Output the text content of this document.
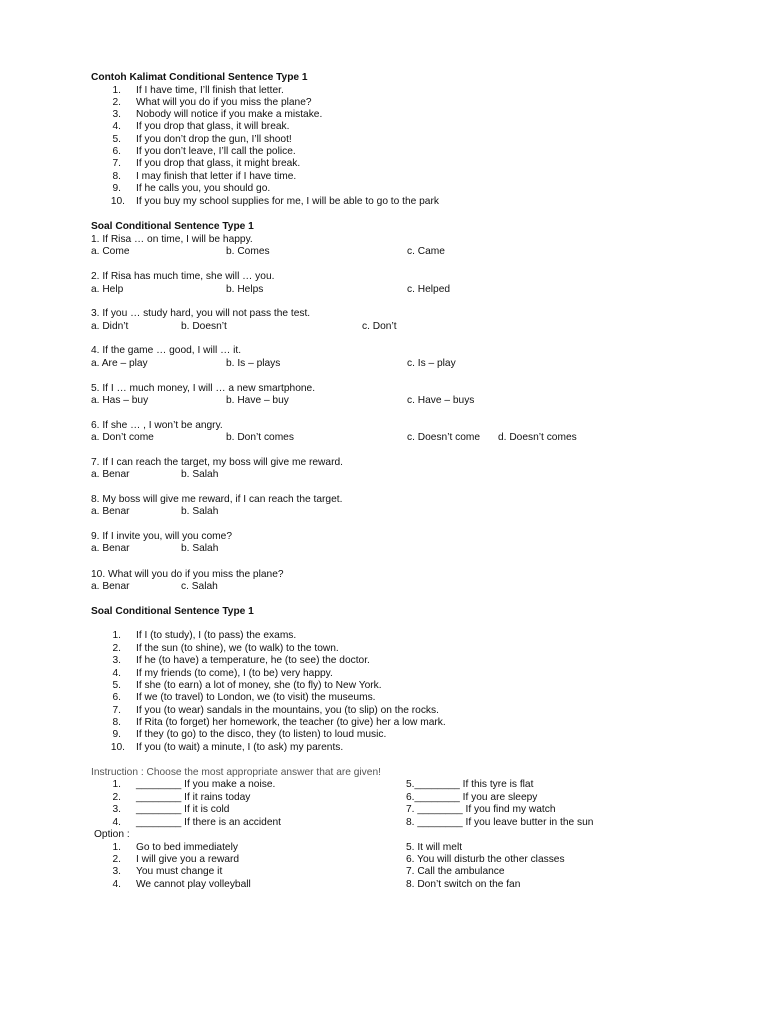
Contoh Kalimat Conditional Sentence Type 1
1. If I have time, I’ll finish that letter.
2. What will you do if you miss the plane?
3. Nobody will notice if you make a mistake.
4. If you drop that glass, it will break.
5. If you don’t drop the gun, I’ll shoot!
6. If you don’t leave, I’ll call the police.
7. If you drop that glass, it might break.
8. I may finish that letter if I have time.
9. If he calls you, you should go.
10. If you buy my school supplies for me, I will be able to go to the park
Soal Conditional Sentence Type 1
1. If Risa … on time, I will be happy.
a. Come	b. Comes	c. Came
2. If Risa has much time, she will … you.
a. Help	b. Helps	c. Helped
3. If you … study hard, you will not pass the test.
a. Didn’t	b. Doesn’t	c. Don’t
4. If the game … good, I will … it.
a. Are – play	b. Is – plays	c. Is – play
5. If I … much money, I will … a new smartphone.
a. Has – buy	b. Have – buy	c. Have – buys
6. If she … , I won’t be angry.
a. Don’t come	b. Don’t comes	c. Doesn’t come d. Doesn’t comes
7. If I can reach the target, my boss will give me reward.
a. Benar	b. Salah
8. My boss will give me reward, if I can reach the target.
a. Benar	b. Salah
9. If I invite you, will you come?
a. Benar	b. Salah
10. What will you do if you miss the plane?
a. Benar	c. Salah
Soal Conditional Sentence Type 1
1. If I (to study), I (to pass) the exams.
2. If the sun (to shine), we (to walk) to the town.
3. If he (to have) a temperature, he (to see) the doctor.
4. If my friends (to come), I (to be) very happy.
5. If she (to earn) a lot of money, she (to fly) to New York.
6. If we (to travel) to London, we (to visit) the museums.
7. If you (to wear) sandals in the mountains, you (to slip) on the rocks.
8. If Rita (to forget) her homework, the teacher (to give) her a low mark.
9. If they (to go) to the disco, they (to listen) to loud music.
10. If you (to wait) a minute, I (to ask) my parents.
Instruction : Choose the most appropriate answer that are given!
1. ________ If you make a noise.	5.________ If this tyre is flat
2. ________ If it rains today	6.________ If you are sleepy
3. ________ If it is cold	7. ________ If you find my watch
4. ________ If there is an accident	8. ________ If you leave butter in the sun
Option :
1. Go to bed immediately	5. It will melt
2. I will give you a reward	6. You will disturb the other classes
3. You must change it	7. Call the ambulance
4. We cannot play volleyball	8. Don’t switch on the fan
